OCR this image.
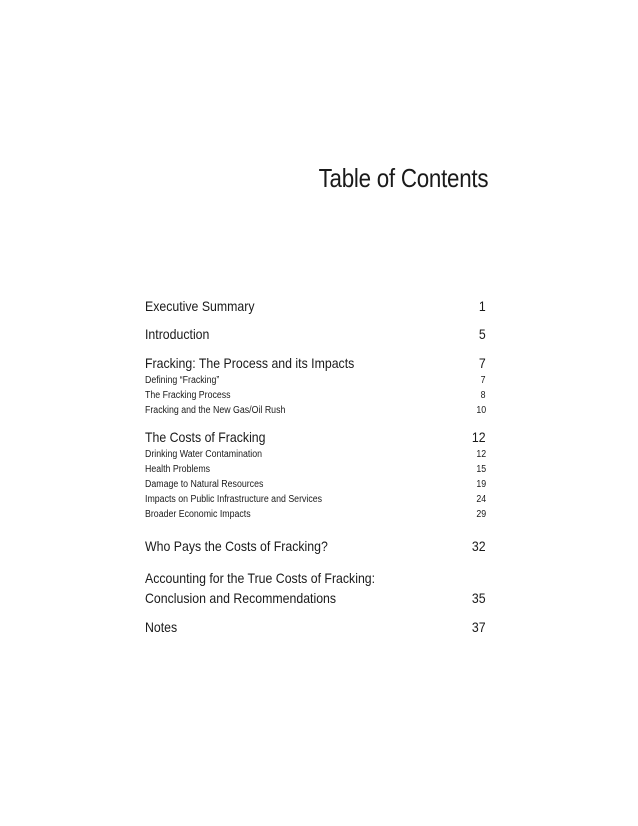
Table of Contents
Executive Summary	1
Introduction	5
Fracking: The Process and its Impacts	7
Defining “Fracking”	7
The Fracking Process	8
Fracking and the New Gas/Oil Rush	10
The Costs of Fracking	12
Drinking Water Contamination	12
Health Problems	15
Damage to Natural Resources	19
Impacts on Public Infrastructure and Services	24
Broader Economic Impacts	29
Who Pays the Costs of Fracking?	32
Accounting for the True Costs of Fracking:
Conclusion and Recommendations	35
Notes	37
